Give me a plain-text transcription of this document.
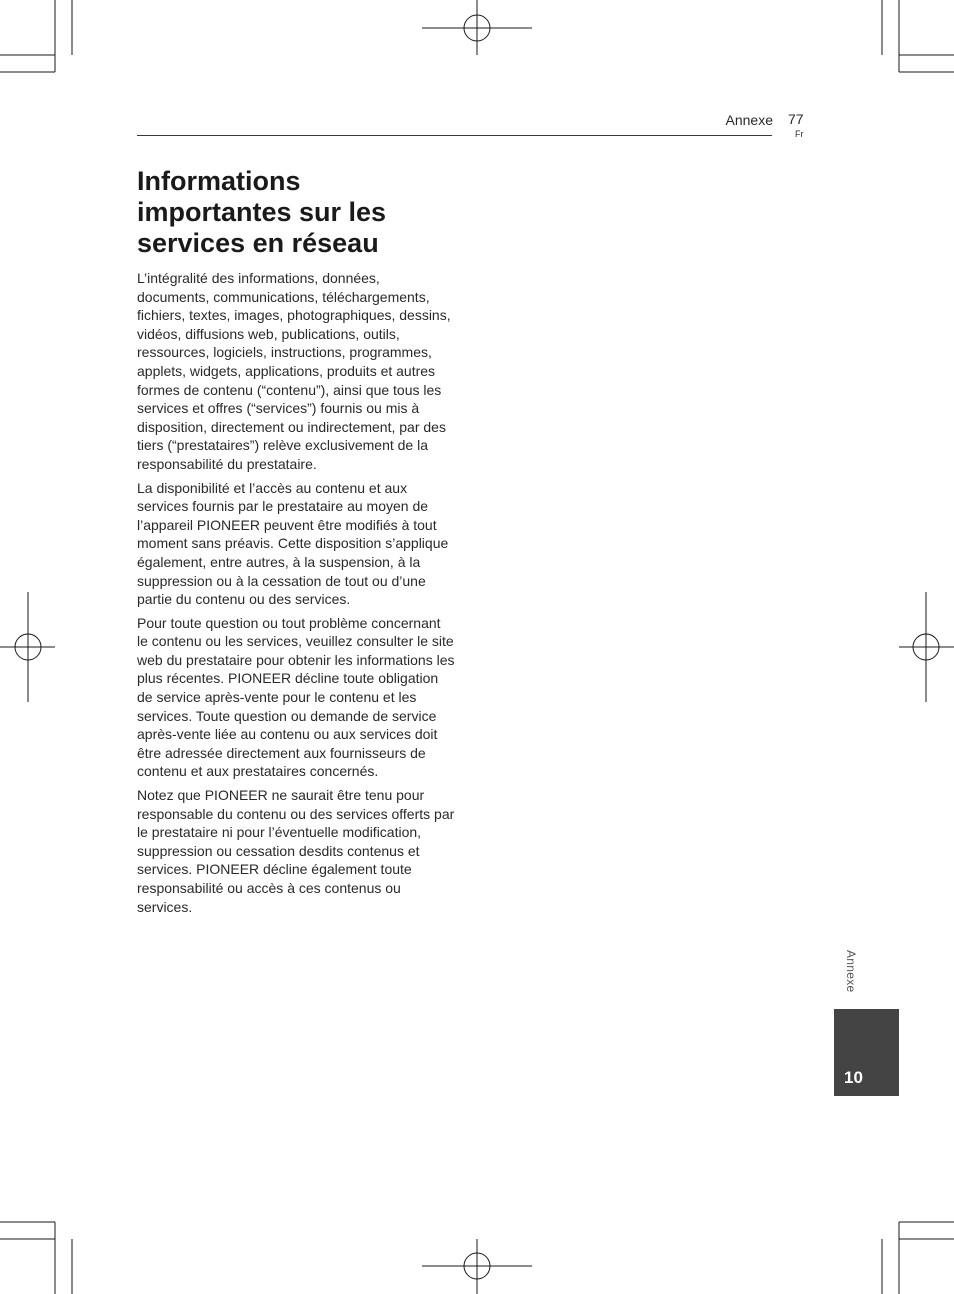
Annexe 77
Fr
Informations importantes sur les services en réseau

L’intégralité des informations, données, documents, communications, téléchargements, fichiers, textes, images, photographiques, dessins, vidéos, diffusions web, publications, outils, ressources, logiciels, instructions, programmes, applets, widgets, applications, produits et autres formes de contenu (“contenu”), ainsi que tous les services et offres (“services”) fournis ou mis à disposition, directement ou indirectement, par des tiers (“prestataires”) relève exclusivement de la responsabilité du prestataire.

La disponibilité et l’accès au contenu et aux services fournis par le prestataire au moyen de l’appareil PIONEER peuvent être modifiés à tout moment sans préavis. Cette disposition s’applique également, entre autres, à la suspension, à la suppression ou à la cessation de tout ou d’une partie du contenu ou des services.

Pour toute question ou tout problème concernant le contenu ou les services, veuillez consulter le site web du prestataire pour obtenir les informations les plus récentes. PIONEER décline toute obligation de service après-vente pour le contenu et les services. Toute question ou demande de service après-vente liée au contenu ou aux services doit être adressée directement aux fournisseurs de contenu et aux prestataires concernés.

Notez que PIONEER ne saurait être tenu pour responsable du contenu ou des services offerts par le prestataire ni pour l’éventuelle modification, suppression ou cessation desdits contenus et services. PIONEER décline également toute responsabilité ou accès à ces contenus ou services.

Annexe
10
